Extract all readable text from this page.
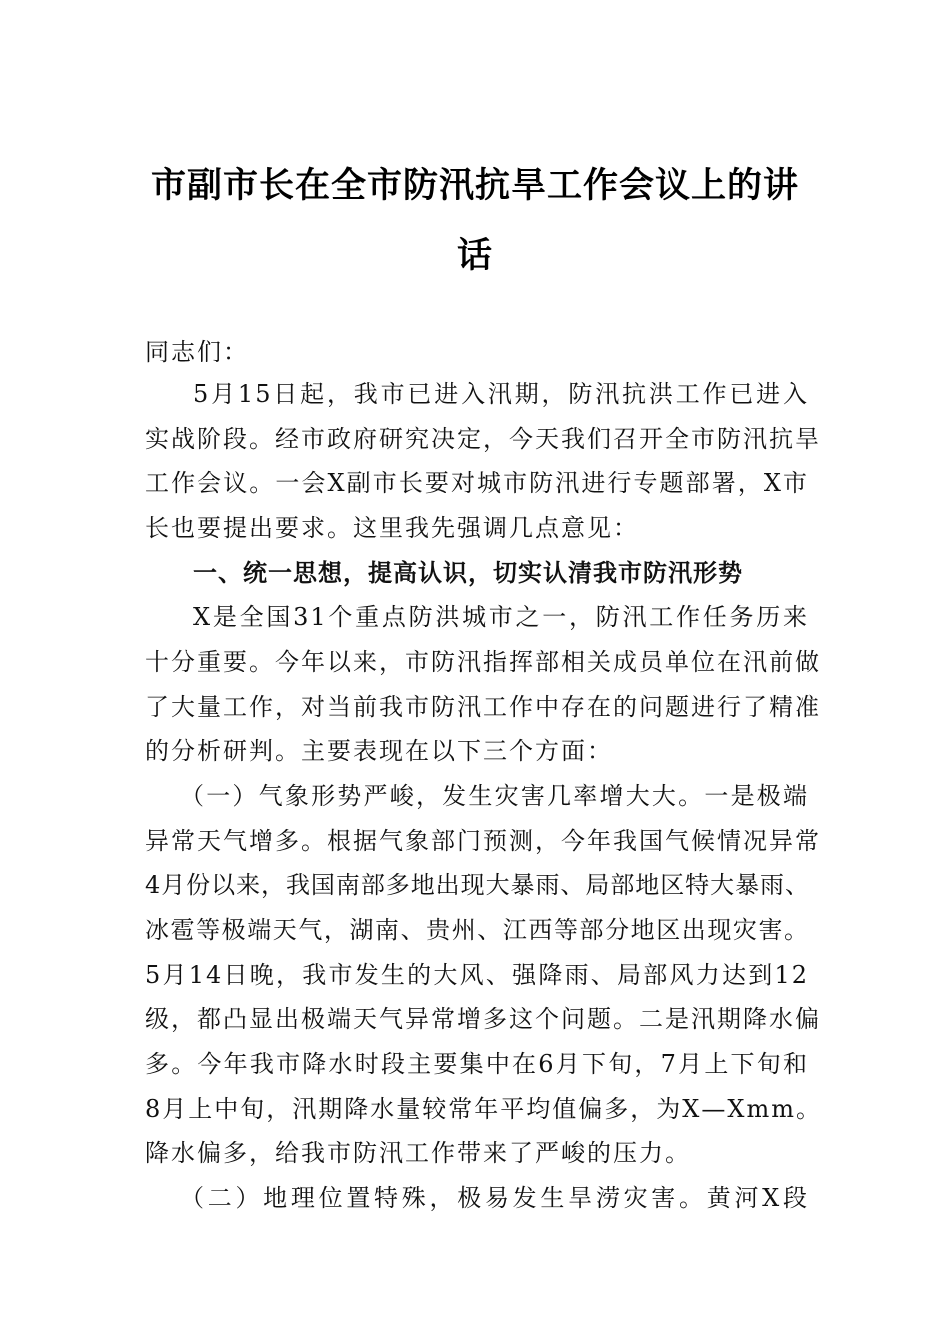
市副市长在全市防汛抗旱工作会议上的讲
话
同志们：
5月15日起，我市已进入汛期，防汛抗洪工作已进入
实战阶段。经市政府研究决定，今天我们召开全市防汛抗旱
工作会议。一会X副市长要对城市防汛进行专题部署，X市
长也要提出要求。这里我先强调几点意见：
一、统一思想，提高认识，切实认清我市防汛形势
X是全国31个重点防洪城市之一，防汛工作任务历来
十分重要。今年以来，市防汛指挥部相关成员单位在汛前做
了大量工作，对当前我市防汛工作中存在的问题进行了精准
的分析研判。主要表现在以下三个方面：
（一）气象形势严峻，发生灾害几率增大大。一是极端
异常天气增多。根据气象部门预测，今年我国气候情况异常
4月份以来，我国南部多地出现大暴雨、局部地区特大暴雨、
冰雹等极端天气，湖南、贵州、江西等部分地区出现灾害。
5月14日晚，我市发生的大风、强降雨、局部风力达到12
级，都凸显出极端天气异常增多这个问题。二是汛期降水偏
多。今年我市降水时段主要集中在6月下旬，7月上下旬和
8月上中旬，汛期降水量较常年平均值偏多，为X—Xmm。
降水偏多，给我市防汛工作带来了严峻的压力。
（二）地理位置特殊，极易发生旱涝灾害。黄河X段
